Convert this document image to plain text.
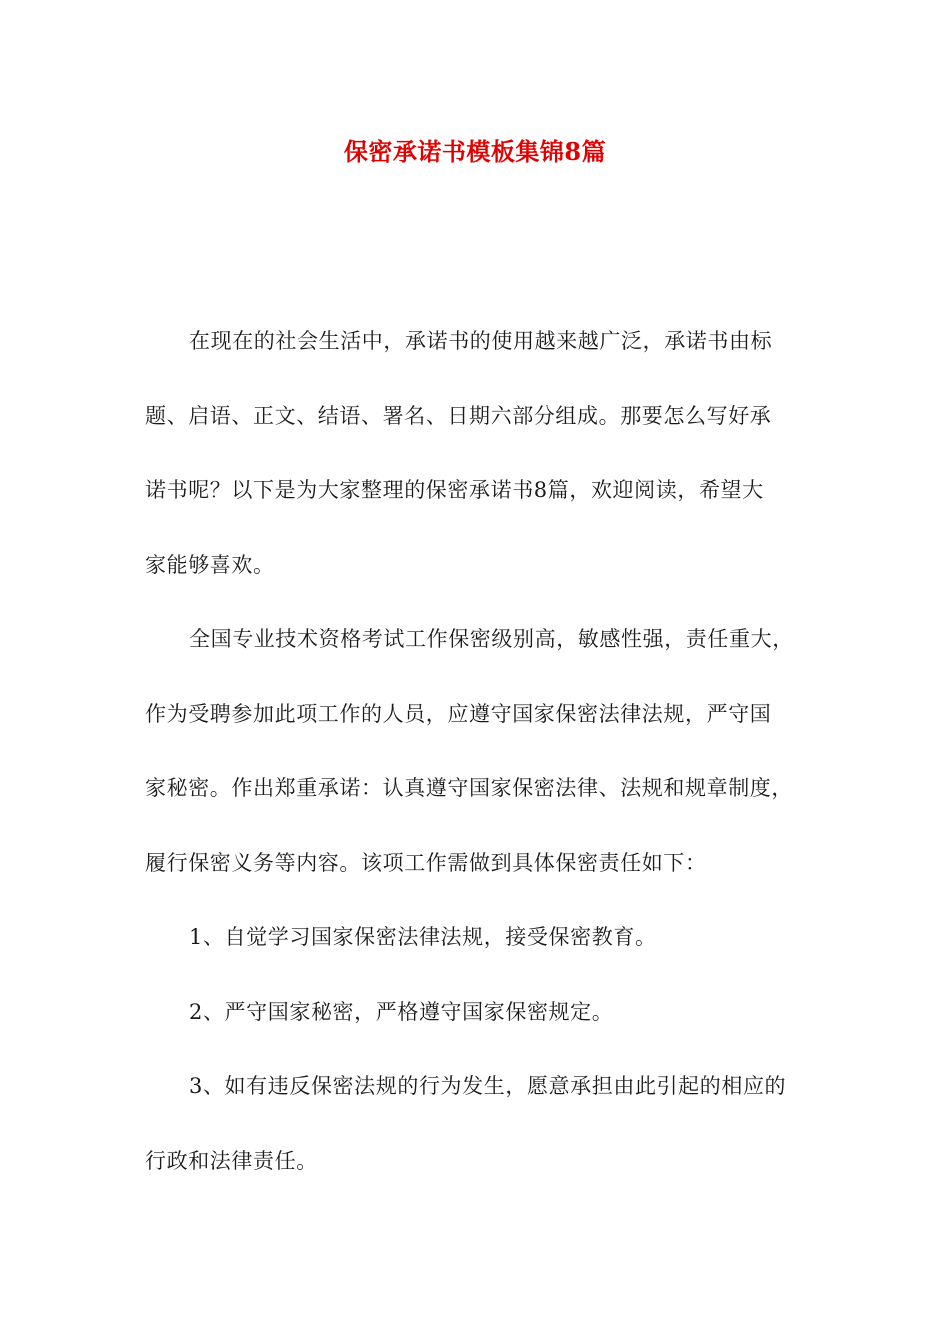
保密承诺书模板集锦8篇
在现在的社会生活中，承诺书的使用越来越广泛，承诺书由标
题、启语、正文、结语、署名、日期六部分组成。那要怎么写好承
诺书呢？以下是为大家整理的保密承诺书8篇，欢迎阅读，希望大
家能够喜欢。
全国专业技术资格考试工作保密级别高，敏感性强，责任重大，
作为受聘参加此项工作的人员，应遵守国家保密法律法规，严守国
家秘密。作出郑重承诺：认真遵守国家保密法律、法规和规章制度，
履行保密义务等内容。该项工作需做到具体保密责任如下：
1、自觉学习国家保密法律法规，接受保密教育。
2、严守国家秘密，严格遵守国家保密规定。
3、如有违反保密法规的行为发生，愿意承担由此引起的相应的
行政和法律责任。
